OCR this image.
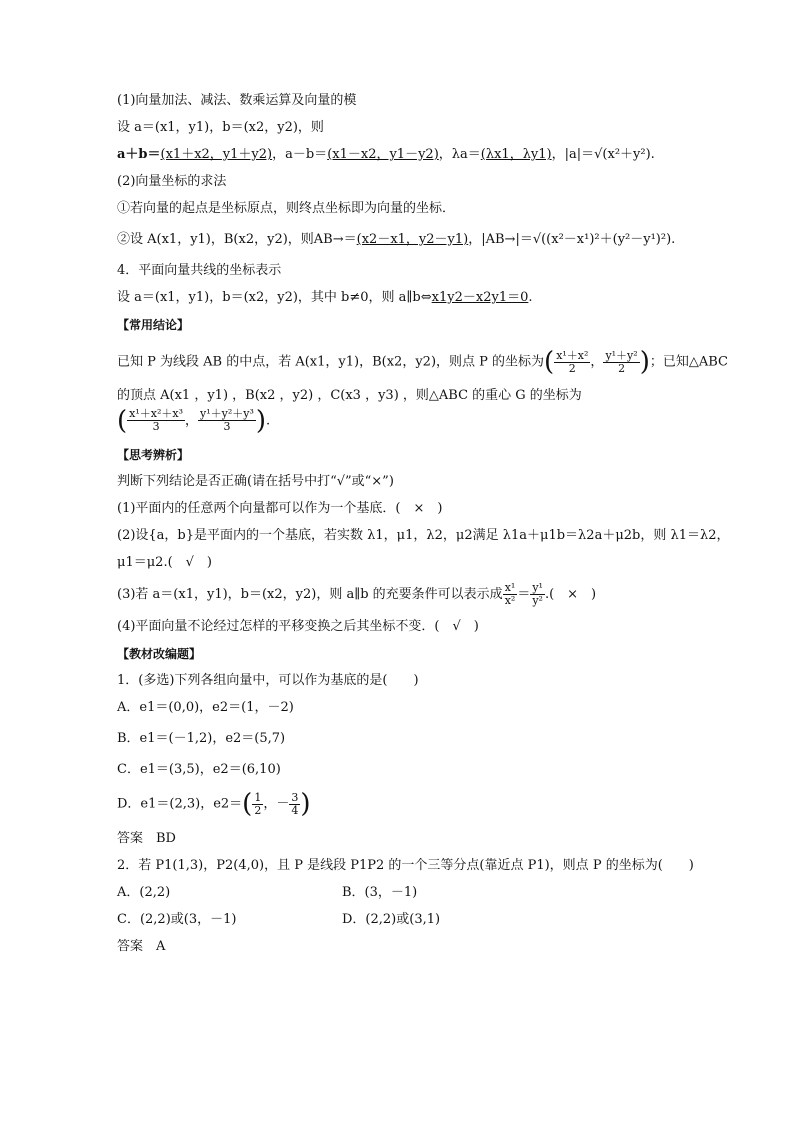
(1)向量加法、减法、数乘运算及向量的模

设 a＝(x1，y1)，b＝(x2，y2)，则

a＋b＝(x1＋x2，y1＋y2)，a－b＝(x1－x2，y1－y2)，λa＝(λx1，λy1)，|a|＝√(x²＋y²).

(2)向量坐标的求法

①若向量的起点是坐标原点，则终点坐标即为向量的坐标．

②设 A(x1，y1)，B(x2，y2)，则AB→＝(x2－x1，y2－y1)，|AB→|＝√((x²－x¹)²＋(y²－y¹)²).

4．平面向量共线的坐标表示

设 a＝(x1，y1)，b＝(x2，y2)，其中 b≠0，则 a∥b⇔x1y2－x2y1＝0.

【常用结论】

已知 P 为线段 AB 的中点，若 A(x1，y1)，B(x2，y2)，则点 P 的坐标为( $\frac{\text{x¹＋x²}}{2}$ ， $\frac{\text{y¹＋y²}}{2}$ )；已知△ABC

的顶点 A(x1 ，y1) ，B(x2 ，y2) ，C(x3 ，y3) ，则△ABC 的重心 G 的坐标为

( $\frac{\text{x¹＋x²＋x³}}{3}$ ， $\frac{\text{y¹＋y²＋y³}}{3}$ ).

【思考辨析】

判断下列结论是否正确(请在括号中打“√”或“×”)

(1)平面内的任意两个向量都可以作为一个基底．(　×　)

(2)设{a，b}是平面内的一个基底，若实数 λ1，μ1，λ2，μ2满足 λ1a＋μ1b＝λ2a＋μ2b，则 λ1＝λ2，

μ1＝μ2.(　√　)

(3)若 a＝(x1，y1)，b＝(x2，y2)，则 a∥b 的充要条件可以表示成 $\frac{\text{x¹}}{\text{x²}} = \frac{\text{y¹}}{\text{y²}}$ .(　×　)

(4)平面向量不论经过怎样的平移变换之后其坐标不变．(　√　)

【教材改编题】

1．(多选)下列各组向量中，可以作为基底的是(　　)

A．e1＝(0,0)，e2＝(1，－2)

B．e1＝(－1,2)，e2＝(5,7)

C．e1＝(3,5)，e2＝(6,10)

D．e1＝(2,3)，$e2=( \frac{1}{2}$ ，－ $\frac{3}{4}$ )

答案　BD

2．若 P1(1,3)，P2(4,0)，且 P 是线段 P1P2 的一个三等分点(靠近点 P1)，则点 P 的坐标为(　　)

A．(2,2)	B．(3，－1)

C．(2,2)或(3，－1)	D．(2,2)或(3,1)

答案　A
